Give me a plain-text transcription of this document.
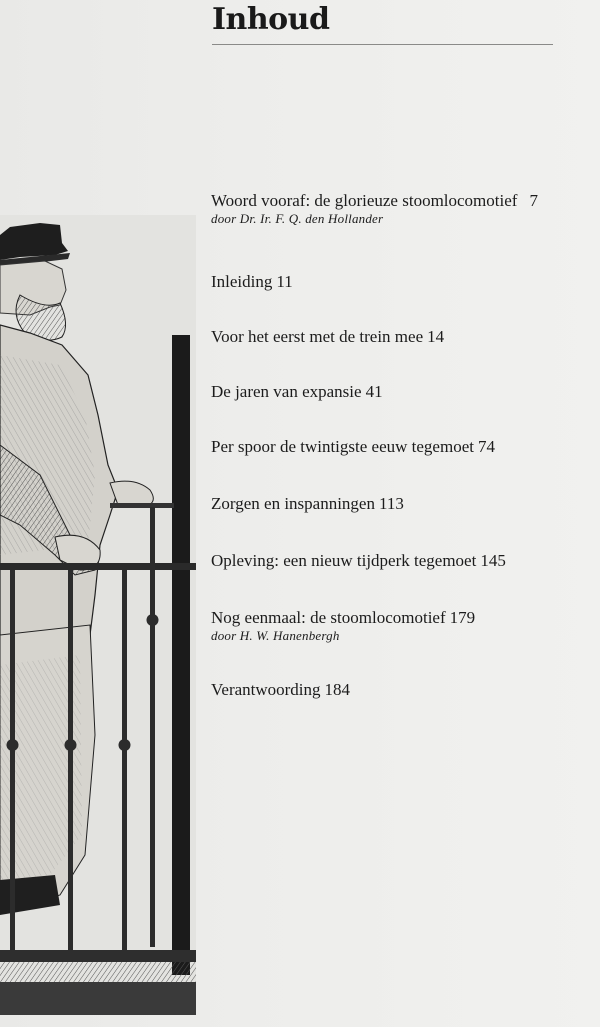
Inhoud
Woord vooraf: de glorieuze stoomlocomotief 7
door Dr. Ir. F. Q. den Hollander
Inleiding 11
Voor het eerst met de trein mee 14
De jaren van expansie 41
Per spoor de twintigste eeuw tegemoet 74
Zorgen en inspanningen 113
Opleving: een nieuw tijdperk tegemoet 145
Nog eenmaal: de stoomlocomotief 179
door H. W. Hanenbergh
Verantwoording 184
